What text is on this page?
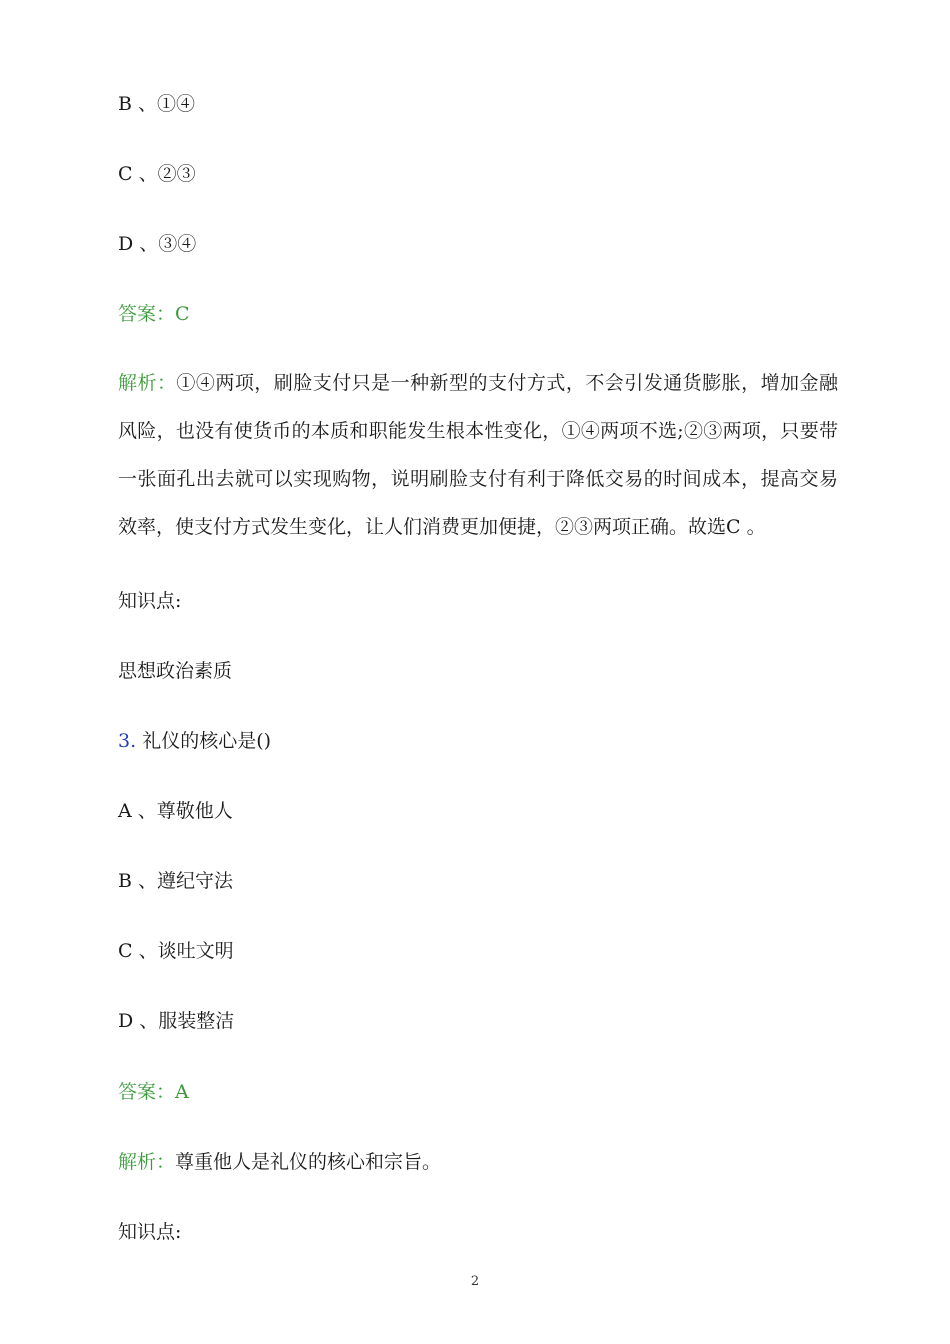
B 、①④
C 、②③
D 、③④
答案：C
解析：①④两项，刷脸支付只是一种新型的支付方式，不会引发通货膨胀，增加金融风险，也没有使货币的本质和职能发生根本性变化，①④两项不选;②③两项，只要带一张面孔出去就可以实现购物，说明刷脸支付有利于降低交易的时间成本，提高交易效率，使支付方式发生变化，让人们消费更加便捷，②③两项正确。故选C 。
知识点:
思想政治素质
3. 礼仪的核心是()
A 、尊敬他人
B 、遵纪守法
C 、谈吐文明
D 、服装整洁
答案：A
解析：尊重他人是礼仪的核心和宗旨。
知识点:
2
